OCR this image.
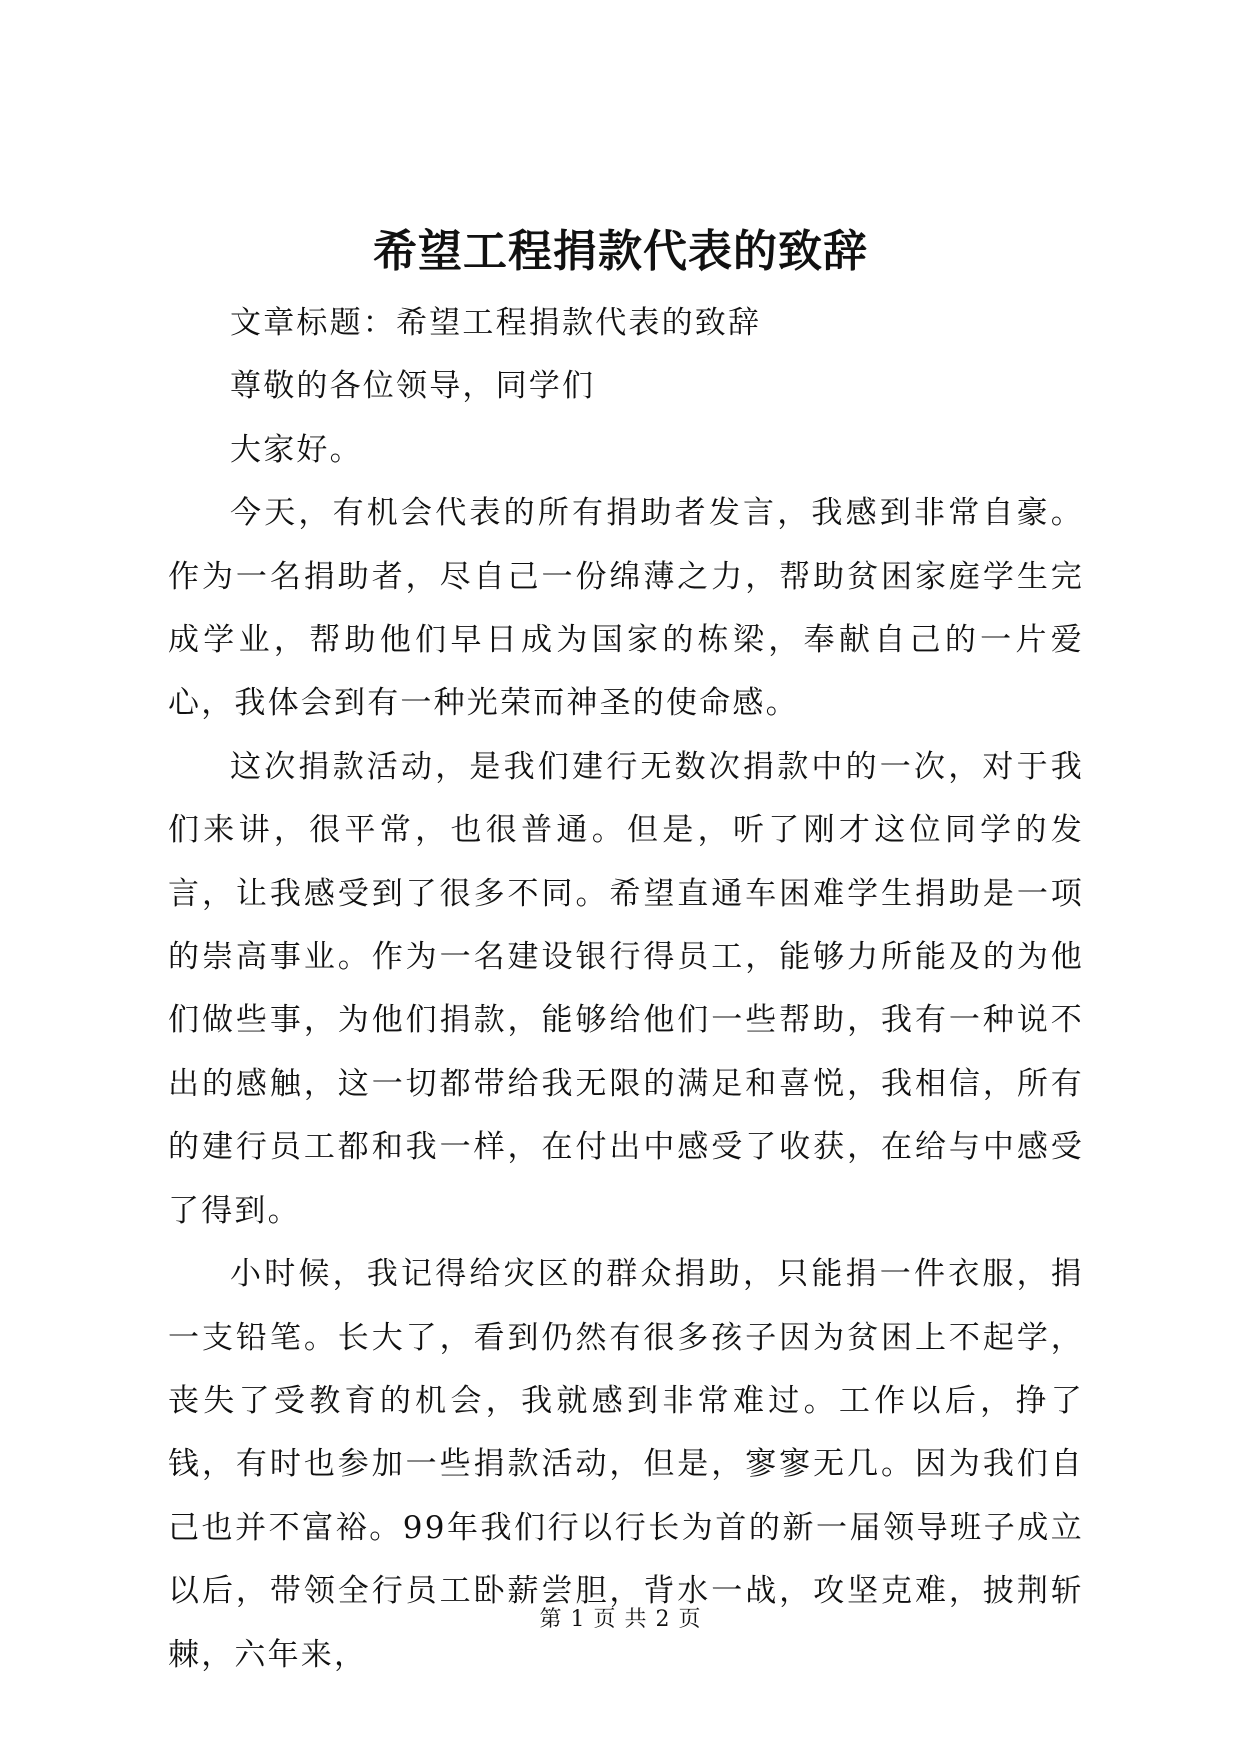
希望工程捐款代表的致辞

文章标题：希望工程捐款代表的致辞

尊敬的各位领导，同学们

大家好。

今天，有机会代表的所有捐助者发言，我感到非常自豪。作为一名捐助者，尽自己一份绵薄之力，帮助贫困家庭学生完成学业，帮助他们早日成为国家的栋梁，奉献自己的一片爱心，我体会到有一种光荣而神圣的使命感。

这次捐款活动，是我们建行无数次捐款中的一次，对于我们来讲，很平常，也很普通。但是，听了刚才这位同学的发言，让我感受到了很多不同。希望直通车困难学生捐助是一项的崇高事业。作为一名建设银行得员工，能够力所能及的为他们做些事，为他们捐款，能够给他们一些帮助，我有一种说不出的感触，这一切都带给我无限的满足和喜悦，我相信，所有的建行员工都和我一样，在付出中感受了收获，在给与中感受了得到。

小时候，我记得给灾区的群众捐助，只能捐一件衣服，捐一支铅笔。长大了，看到仍然有很多孩子因为贫困上不起学，丧失了受教育的机会，我就感到非常难过。工作以后，挣了钱，有时也参加一些捐款活动，但是，寥寥无几。因为我们自己也并不富裕。99年我们行以行长为首的新一届领导班子成立以后，带领全行员工卧薪尝胆，背水一战，攻坚克难，披荆斩棘，六年来，

第 1 页 共 2 页
